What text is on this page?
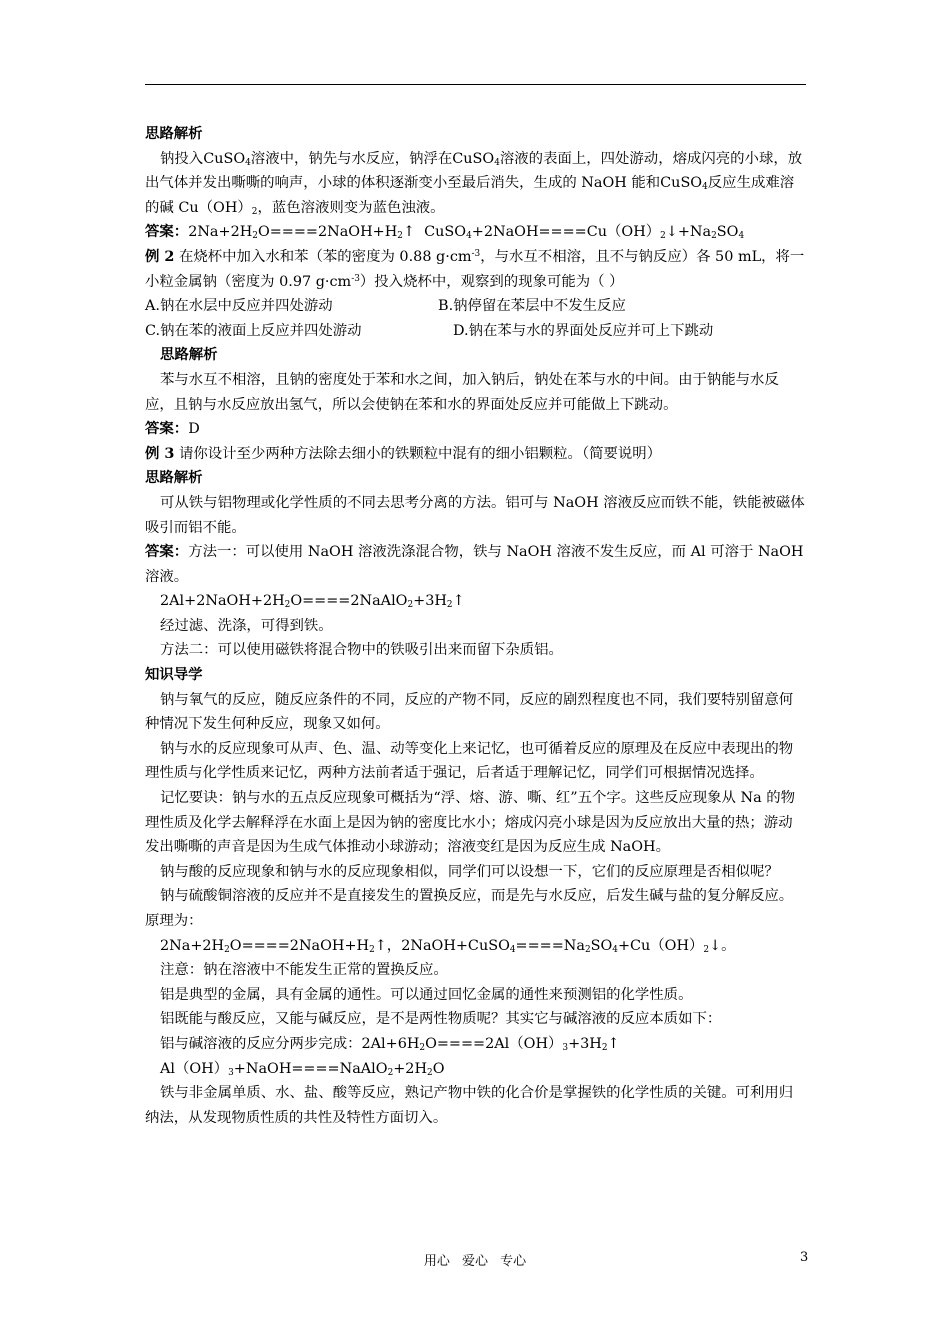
思路解析

钠投入CuSO$_4$溶液中，钠先与水反应，钠浮在CuSO$_4$溶液的表面上，四处游动，熔成闪亮的小球，放出气体并发出嘶嘶的响声，小球的体积逐渐变小至最后消失，生成的 NaOH 能和CuSO$_4$反应生成难溶的碱 $Cu(OH)_2$，蓝色溶液则变为蓝色浊液。

答案：$2Na+2H_2O====2NaOH+H_2↑$  $CuSO_4+2NaOH====Cu(OH)_2↓+Na_2SO_4$

例 2 在烧杯中加入水和苯（苯的密度为 0.88 $g\cdot cm^{-3}$，与水互不相溶，且不与钠反应）各 50 mL，将一小粒金属钠（密度为 0.97 $g\cdot cm^{-3}$）投入烧杯中，观察到的现象可能为（ ）

A.钠在水层中反应并四处游动	B.钠停留在苯层中不发生反应

C.钠在苯的液面上反应并四处游动	D.钠在苯与水的界面处反应并可上下跳动

思路解析

苯与水互不相溶，且钠的密度处于苯和水之间，加入钠后，钠处在苯与水的中间。由于钠能与水反应，且钠与水反应放出氢气，所以会使钠在苯和水的界面处反应并可能做上下跳动。

答案：D

例 3 请你设计至少两种方法除去细小的铁颗粒中混有的细小铝颗粒。（简要说明）

思路解析

可从铁与铝物理或化学性质的不同去思考分离的方法。铝可与 NaOH 溶液反应而铁不能，铁能被磁体吸引而铝不能。

答案：方法一：可以使用 NaOH 溶液洗涤混合物，铁与 NaOH 溶液不发生反应，而 Al 可溶于 NaOH 溶液。

$2Al+2NaOH+2H_2O====2NaAlO_2+3H_2↑$

经过滤、洗涤，可得到铁。

方法二：可以使用磁铁将混合物中的铁吸引出来而留下杂质铝。

知识导学

钠与氧气的反应，随反应条件的不同，反应的产物不同，反应的剧烈程度也不同，我们要特别留意何种情况下发生何种反应，现象又如何。

钠与水的反应现象可从声、色、温、动等变化上来记忆，也可循着反应的原理及在反应中表现出的物理性质与化学性质来记忆，两种方法前者适于强记，后者适于理解记忆，同学们可根据情况选择。

记忆要诀：钠与水的五点反应现象可概括为“浮、熔、游、嘶、红”五个字。这些反应现象从 Na 的物理性质及化学去解释浮在水面上是因为钠的密度比水小；熔成闪亮小球是因为反应放出大量的热；游动发出嘶嘶的声音是因为生成气体推动小球游动；溶液变红是因为反应生成 NaOH。

钠与酸的反应现象和钠与水的反应现象相似，同学们可以设想一下，它们的反应原理是否相似呢？

钠与硫酸铜溶液的反应并不是直接发生的置换反应，而是先与水反应，后发生碱与盐的复分解反应。原理为：

$2Na+2H_2O====2NaOH+H_2↑$，$2NaOH+CuSO_4====Na_2SO_4+Cu(OH)_2↓$。

注意：钠在溶液中不能发生正常的置换反应。

铝是典型的金属，具有金属的通性。可以通过回忆金属的通性来预测铝的化学性质。

铝既能与酸反应，又能与碱反应，是不是两性物质呢？其实它与碱溶液的反应本质如下：

铝与碱溶液的反应分两步完成：$2Al+6H_2O====2Al(OH)_3+3H_2↑$

$Al(OH)_3+NaOH====NaAlO_2+2H_2O$

铁与非金属单质、水、盐、酸等反应，熟记产物中铁的化合价是掌握铁的化学性质的关键。可利用归纳法，从发现物质性质的共性及特性方面切入。

用心 爱心 专心	3
